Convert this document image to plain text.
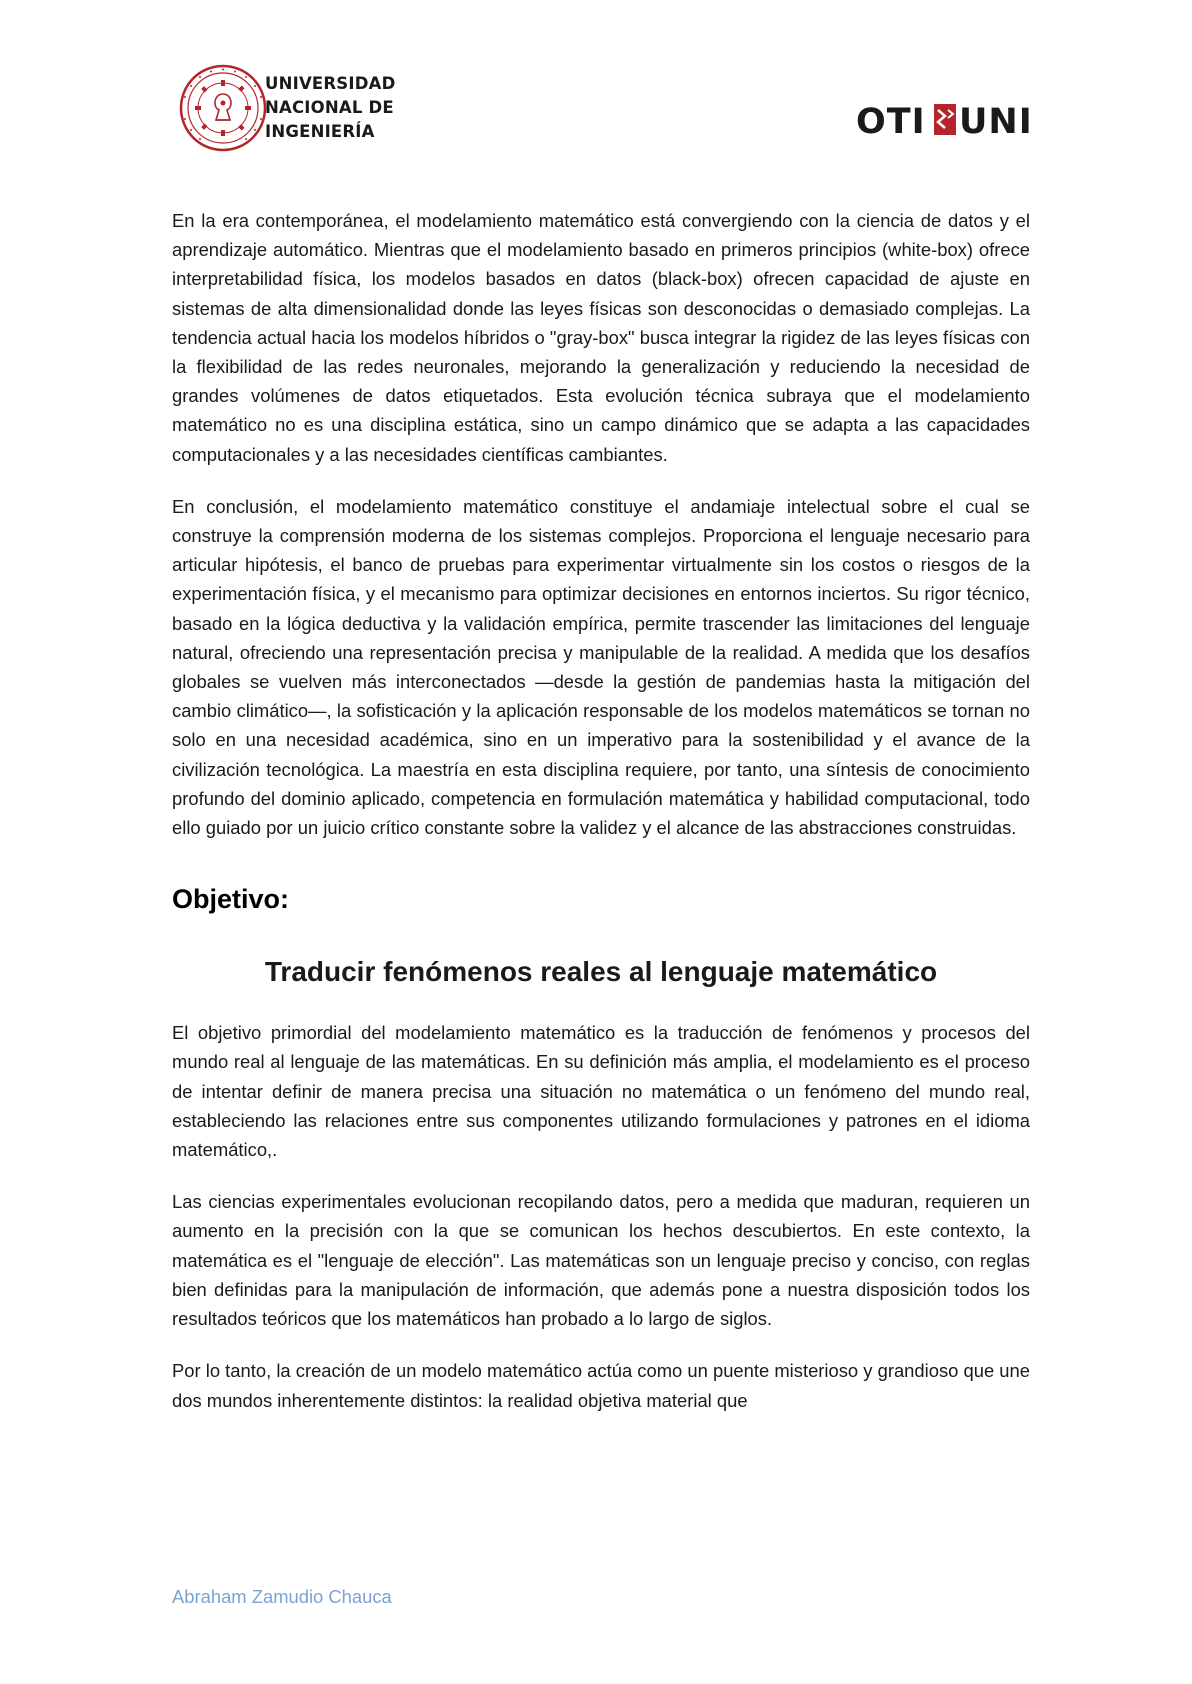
UNIVERSIDAD
NACIONAL DE
INGENIERÍA	OTI UNI

En la era contemporánea, el modelamiento matemático está convergiendo con la ciencia de datos y el aprendizaje automático. Mientras que el modelamiento basado en primeros principios (white-box) ofrece interpretabilidad física, los modelos basados en datos (black-box) ofrecen capacidad de ajuste en sistemas de alta dimensionalidad donde las leyes físicas son desconocidas o demasiado complejas. La tendencia actual hacia los modelos híbridos o "gray-box" busca integrar la rigidez de las leyes físicas con la flexibilidad de las redes neuronales, mejorando la generalización y reduciendo la necesidad de grandes volúmenes de datos etiquetados. Esta evolución técnica subraya que el modelamiento matemático no es una disciplina estática, sino un campo dinámico que se adapta a las capacidades computacionales y a las necesidades científicas cambiantes.

En conclusión, el modelamiento matemático constituye el andamiaje intelectual sobre el cual se construye la comprensión moderna de los sistemas complejos. Proporciona el lenguaje necesario para articular hipótesis, el banco de pruebas para experimentar virtualmente sin los costos o riesgos de la experimentación física, y el mecanismo para optimizar decisiones en entornos inciertos. Su rigor técnico, basado en la lógica deductiva y la validación empírica, permite trascender las limitaciones del lenguaje natural, ofreciendo una representación precisa y manipulable de la realidad. A medida que los desafíos globales se vuelven más interconectados —desde la gestión de pandemias hasta la mitigación del cambio climático—, la sofisticación y la aplicación responsable de los modelos matemáticos se tornan no solo en una necesidad académica, sino en un imperativo para la sostenibilidad y el avance de la civilización tecnológica. La maestría en esta disciplina requiere, por tanto, una síntesis de conocimiento profundo del dominio aplicado, competencia en formulación matemática y habilidad computacional, todo ello guiado por un juicio crítico constante sobre la validez y el alcance de las abstracciones construidas.

Objetivo:
Traducir fenómenos reales al lenguaje matemático

El objetivo primordial del modelamiento matemático es la traducción de fenómenos y procesos del mundo real al lenguaje de las matemáticas. En su definición más amplia, el modelamiento es el proceso de intentar definir de manera precisa una situación no matemática o un fenómeno del mundo real, estableciendo las relaciones entre sus componentes utilizando formulaciones y patrones en el idioma matemático,.

Las ciencias experimentales evolucionan recopilando datos, pero a medida que maduran, requieren un aumento en la precisión con la que se comunican los hechos descubiertos. En este contexto, la matemática es el "lenguaje de elección". Las matemáticas son un lenguaje preciso y conciso, con reglas bien definidas para la manipulación de información, que además pone a nuestra disposición todos los resultados teóricos que los matemáticos han probado a lo largo de siglos.

Por lo tanto, la creación de un modelo matemático actúa como un puente misterioso y grandioso que une dos mundos inherentemente distintos: la realidad objetiva material que

Abraham Zamudio Chauca
